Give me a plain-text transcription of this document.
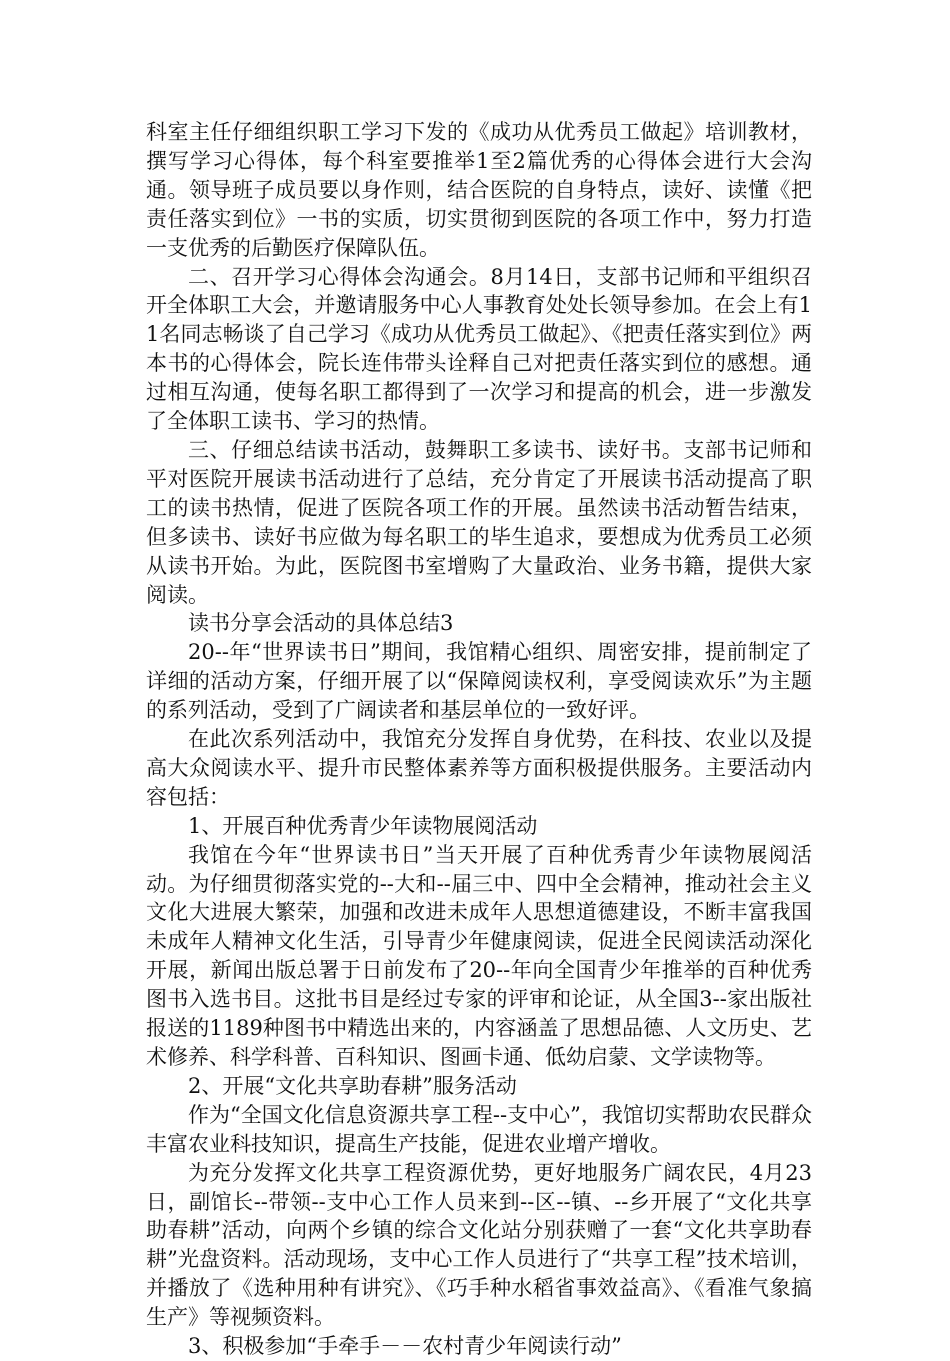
科室主任仔细组织职工学习下发的《成功从优秀员工做起》培训教材，撰写学习心得体，每个科室要推举1至2篇优秀的心得体会进行大会沟通。领导班子成员要以身作则，结合医院的自身特点，读好、读懂《把责任落实到位》一书的实质，切实贯彻到医院的各项工作中，努力打造一支优秀的后勤医疗保障队伍。

二、召开学习心得体会沟通会。8月14日，支部书记师和平组织召开全体职工大会，并邀请服务中心人事教育处处长领导参加。在会上有11名同志畅谈了自己学习《成功从优秀员工做起》、《把责任落实到位》两本书的心得体会，院长连伟带头诠释自己对把责任落实到位的感想。通过相互沟通，使每名职工都得到了一次学习和提高的机会，进一步激发了全体职工读书、学习的热情。

三、仔细总结读书活动，鼓舞职工多读书、读好书。支部书记师和平对医院开展读书活动进行了总结，充分肯定了开展读书活动提高了职工的读书热情，促进了医院各项工作的开展。虽然读书活动暂告结束，但多读书、读好书应做为每名职工的毕生追求，要想成为优秀员工必须从读书开始。为此，医院图书室增购了大量政治、业务书籍，提供大家阅读。

读书分享会活动的具体总结3

20--年“世界读书日”期间，我馆精心组织、周密安排，提前制定了详细的活动方案，仔细开展了以“保障阅读权利，享受阅读欢乐”为主题的系列活动，受到了广阔读者和基层单位的一致好评。

在此次系列活动中，我馆充分发挥自身优势，在科技、农业以及提高大众阅读水平、提升市民整体素养等方面积极提供服务。主要活动内容包括：

1、开展百种优秀青少年读物展阅活动

我馆在今年“世界读书日”当天开展了百种优秀青少年读物展阅活动。为仔细贯彻落实党的--大和--届三中、四中全会精神，推动社会主义文化大进展大繁荣，加强和改进未成年人思想道德建设，不断丰富我国未成年人精神文化生活，引导青少年健康阅读，促进全民阅读活动深化开展，新闻出版总署于日前发布了20--年向全国青少年推举的百种优秀图书入选书目。这批书目是经过专家的评审和论证，从全国3--家出版社报送的1189种图书中精选出来的，内容涵盖了思想品德、人文历史、艺术修养、科学科普、百科知识、图画卡通、低幼启蒙、文学读物等。

2、开展“文化共享助春耕”服务活动

作为“全国文化信息资源共享工程--支中心”，我馆切实帮助农民群众丰富农业科技知识，提高生产技能，促进农业增产增收。

为充分发挥文化共享工程资源优势，更好地服务广阔农民，4月23日，副馆长--带领--支中心工作人员来到--区--镇、--乡开展了“文化共享助春耕”活动，向两个乡镇的综合文化站分别获赠了一套“文化共享助春耕”光盘资料。活动现场，支中心工作人员进行了“共享工程”技术培训，并播放了《选种用种有讲究》、《巧手种水稻省事效益高》、《看准气象搞生产》等视频资料。

3、积极参加“手牵手－－农村青少年阅读行动”
